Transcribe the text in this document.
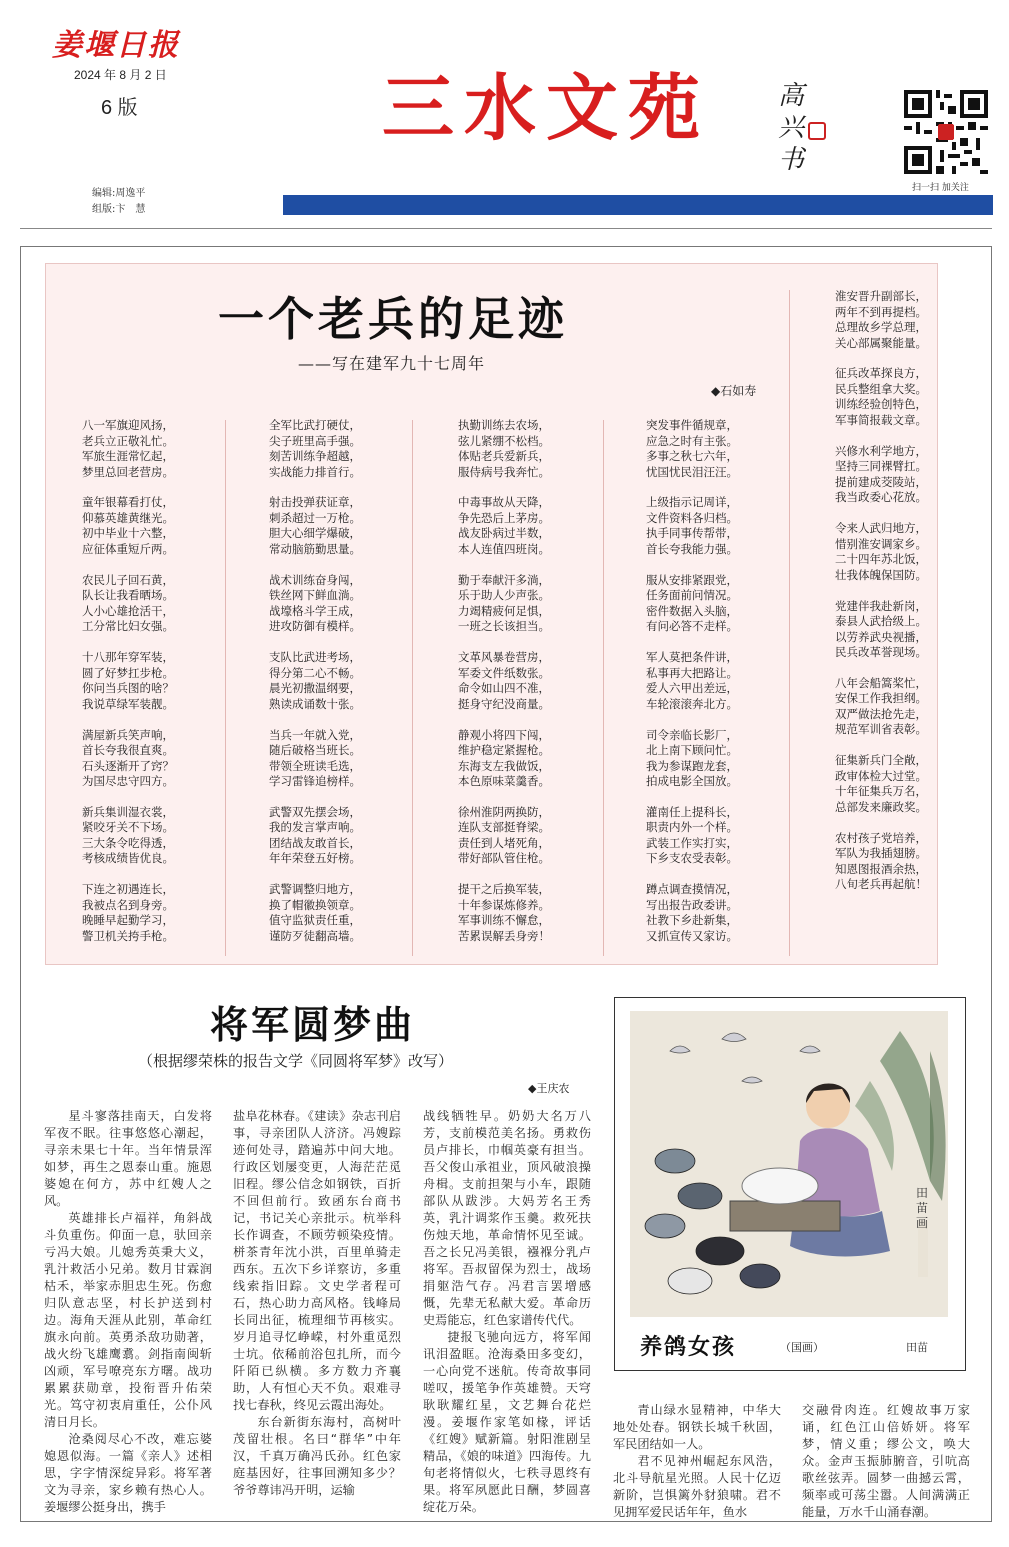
姜堰日报
2024 年 8 月 2 日
6 版	三水文苑	高兴书
扫一扫 加关注
编辑:周逸平
组版:卞　慧
一个老兵的足迹
——写在建军九十七周年
◆石如寿
八一军旗迎风扬，
老兵立正敬礼忙。
军旅生涯常忆起，
梦里总回老营房。
童年银幕看打仗，
仰慕英雄黄继光。
初中毕业十六整，
应征体重短斤两。
农民儿子回石黄，
队长让我看晒场。
人小心雄抢活干，
工分常比妇女强。
十八那年穿军装，
圆了好梦扛步枪。
你问当兵图的啥？
我说草绿军装靓。
满屋新兵笑声响，
首长夸我很直爽。
石头逐渐开了窍？
为国尽忠守四方。
新兵集训湿衣裳，
紧咬牙关不下场。
三大条令吃得透，
考核成绩皆优良。
下连之初遇连长，
我被点名到身旁。
晚睡早起勤学习，
警卫机关挎手枪。
全军比武打硬仗，
尖子班里高手强。
刻苦训练争超越，
实战能力排首行。
射击投弹获证章，
刺杀超过一万枪。
胆大心细学爆破，
常动脑筋勤思量。
战术训练奋身闯，
铁丝网下鲜血淌。
战壕格斗学王成，
进攻防御有模样。
支队比武进考场，
得分第二心不畅。
晨光初撒温纲要，
熟读成诵数十张。
当兵一年就入党，
随后破格当班长。
带领全班读毛选，
学习雷锋追榜样。
武警双先摆会场，
我的发言掌声响。
团结战友敢首长，
年年荣登五好榜。
武警调整归地方，
换了帽徽换领章。
值守监狱责任重，
谨防歹徒翻高墙。
执勤训练去农场，
弦儿紧绷不松档。
体贴老兵爱新兵，
服侍病号我奔忙。
中毒事故从天降，
争先恐后上茅房。
战友卧病过半数，
本人连值四班岗。
勤于奉献汗多淌，
乐于助人少声张。
力竭精疲何足惧，
一班之长该担当。
文革风暴卷营房，
军委文件纸数张。
命令如山四不准，
挺身守纪没商量。
静观小将四下闯，
维护稳定紧握枪。
东海支左我做饭，
本色原味菜羹香。
徐州淮阴两换防，
连队支部挺脊梁。
责任到人堵死角，
带好部队管住枪。
提干之后换军装，
十年参谋炼修养。
军事训练不懈怠，
苦累误解丢身旁！
突发事件循规章，
应急之时有主张。
多事之秋七六年，
忧国忧民泪汪汪。
上级指示记周详，
文件资料各归档。
执手同事传帮带，
首长夸我能力强。
服从安排紧跟党，
任务面前问情况。
密件数据入头脑，
有问必答不走样。
军人莫把条件讲，
私事再大把路让。
爱人六甲出差远，
车轮滚滚奔北方。
司令亲临长影厂，
北上南下顾问忙。
我为参谋跑龙套，
拍成电影全国放。
灌南任上提科长，
职责内外一个样。
武装工作实打实，
下乡支农受表彰。
蹲点调查摸情况，
写出报告政委讲。
社教下乡赴新集，
又抓宣传又家访。
淮安晋升副部长，
两年不到再提档。
总理故乡学总理，
关心部属聚能量。
征兵改革探良方，
民兵整组拿大奖。
训练经验创特色，
军事简报载文章。
兴修水利学地方，
坚持三同裸臂扛。
提前建成茭陵站，
我当政委心花放。
令来人武归地方，
惜别淮安调家乡。
二十四年苏北饭，
壮我体魄保国防。
党建伴我赴新岗，
泰县人武拾级上。
以劳养武央视播，
民兵改革誉现场。
八年会船篙桨忙，
安保工作我担纲。
双严做法抢先走，
规范军训省表彰。
征集新兵门全敞，
政审体检大过堂。
十年征集兵万名，
总部发来廉政奖。
农村孩子党培养，
军队为我插翅膀。
知恩图报酒余热，
八旬老兵再起航！
将军圆梦曲
（根据缪荣株的报告文学《同圆将军梦》改写）
◆王庆农

星斗寥落挂南天，白发将军夜不眠。往事悠悠心潮起，寻亲未果七十年。当年情景浑如梦，再生之恩泰山重。施恩婆媳在何方，苏中红嫂人之风。

英雄排长卢福祥，角斜战斗负重伤。仰面一息，驮回亲亏冯大娘。儿媳秀英秉大义，乳汁救活小兄弟。数月甘霖润枯禾，举家赤胆忠生死。伤愈归队意志坚，村长护送到村边。海角天涯从此别，革命红旗永向前。英勇杀敌功勋著，战火纷飞雄鹰翥。剑指南闽斩凶顽，军号嘹亮东方曙。战功累累获勋章，投衔晋升佑荣光。笃守初衷肩重任，公仆风清日月长。

沧桑阅尽心不改，难忘婆媳恩似海。一篇《亲人》述相思，字字情深绽异彩。将军著文为寻亲，家乡赖有热心人。姜堰缪公挺身出，携手

盐阜花林春。《建读》杂志刊启事，寻亲团队人济济。冯嫂踪迹何处寻，踏遍苏中问大地。行政区划屡变更，人海茫茫觅旧程。缪公信念如钢铁，百折不回但前行。致函东台商书记，书记关心亲批示。杭举科长作调查，不顾劳顿染疫情。栟茶青年沈小洪，百里单骑走西东。五次下乡详察访，多重线索指旧踪。文史学者程可石，热心助力高风格。钱峰局长同出征，梳理细节再核实。岁月追寻忆峥嵘，村外重觅烈士坑。依稀前浴包扎所，而今阡陌已纵横。多方数力齐襄助，人有恒心天不负。艰难寻找七春秋，终见云霞出海处。

东台新街东海村，高树叶茂留壮根。名曰“群华”中年汉，千真万确冯氏孙。红色家庭基因好，往事回溯知多少？爷爷尊讳冯开明，运输

战线牺牲早。奶奶大名万八芳，支前模范美名扬。勇救伤员卢排长，巾帼英豪有担当。吾父俊山承祖业，顶风破浪操舟楫。支前担架与小车，跟随部队从跋涉。大妈芳名王秀英，乳汁调浆作玉羹。救死扶伤烛天地，革命情怀见至诚。吾之长兄冯美银，襁褓分乳卢将军。吾叔留保为烈士，战场捐躯浩气存。冯君言罢增感慨，先辈无私献大爱。革命历史焉能忘，红色家谱传代代。

捷报飞驰向远方，将军闻讯泪盈眶。沧海桑田多变幻，一心向党不迷航。传奇故事同嗟叹，援笔争作英雄赞。天穹耿耿耀红星，文艺舞台花烂漫。姜堰作家笔如椽，评话《红嫂》赋新篇。射阳淮剧呈精品，《娘的味道》四海传。九旬老将情似火，七秩寻恩终有果。将军夙愿此日酬，梦圆喜绽花万朵。

青山绿水显精神，中华大地处处春。钢铁长城千秋固，军民团结如一人。

君不见神州崛起东风浩，北斗导航星光照。人民十亿迈新阶，岂惧篱外豺狼啸。君不见拥军爱民话年年，鱼水

交融骨肉连。红嫂故事万家诵，红色江山倍娇妍。将军梦，情义重；缪公文，唤大众。金声玉振肺腑音，引吭高歌丝弦弄。圆梦一曲撼云霄，频率或可荡尘嚣。人间满满正能量，万水千山涌春潮。

田苗画
养鸽女孩	（国画）	田苗
